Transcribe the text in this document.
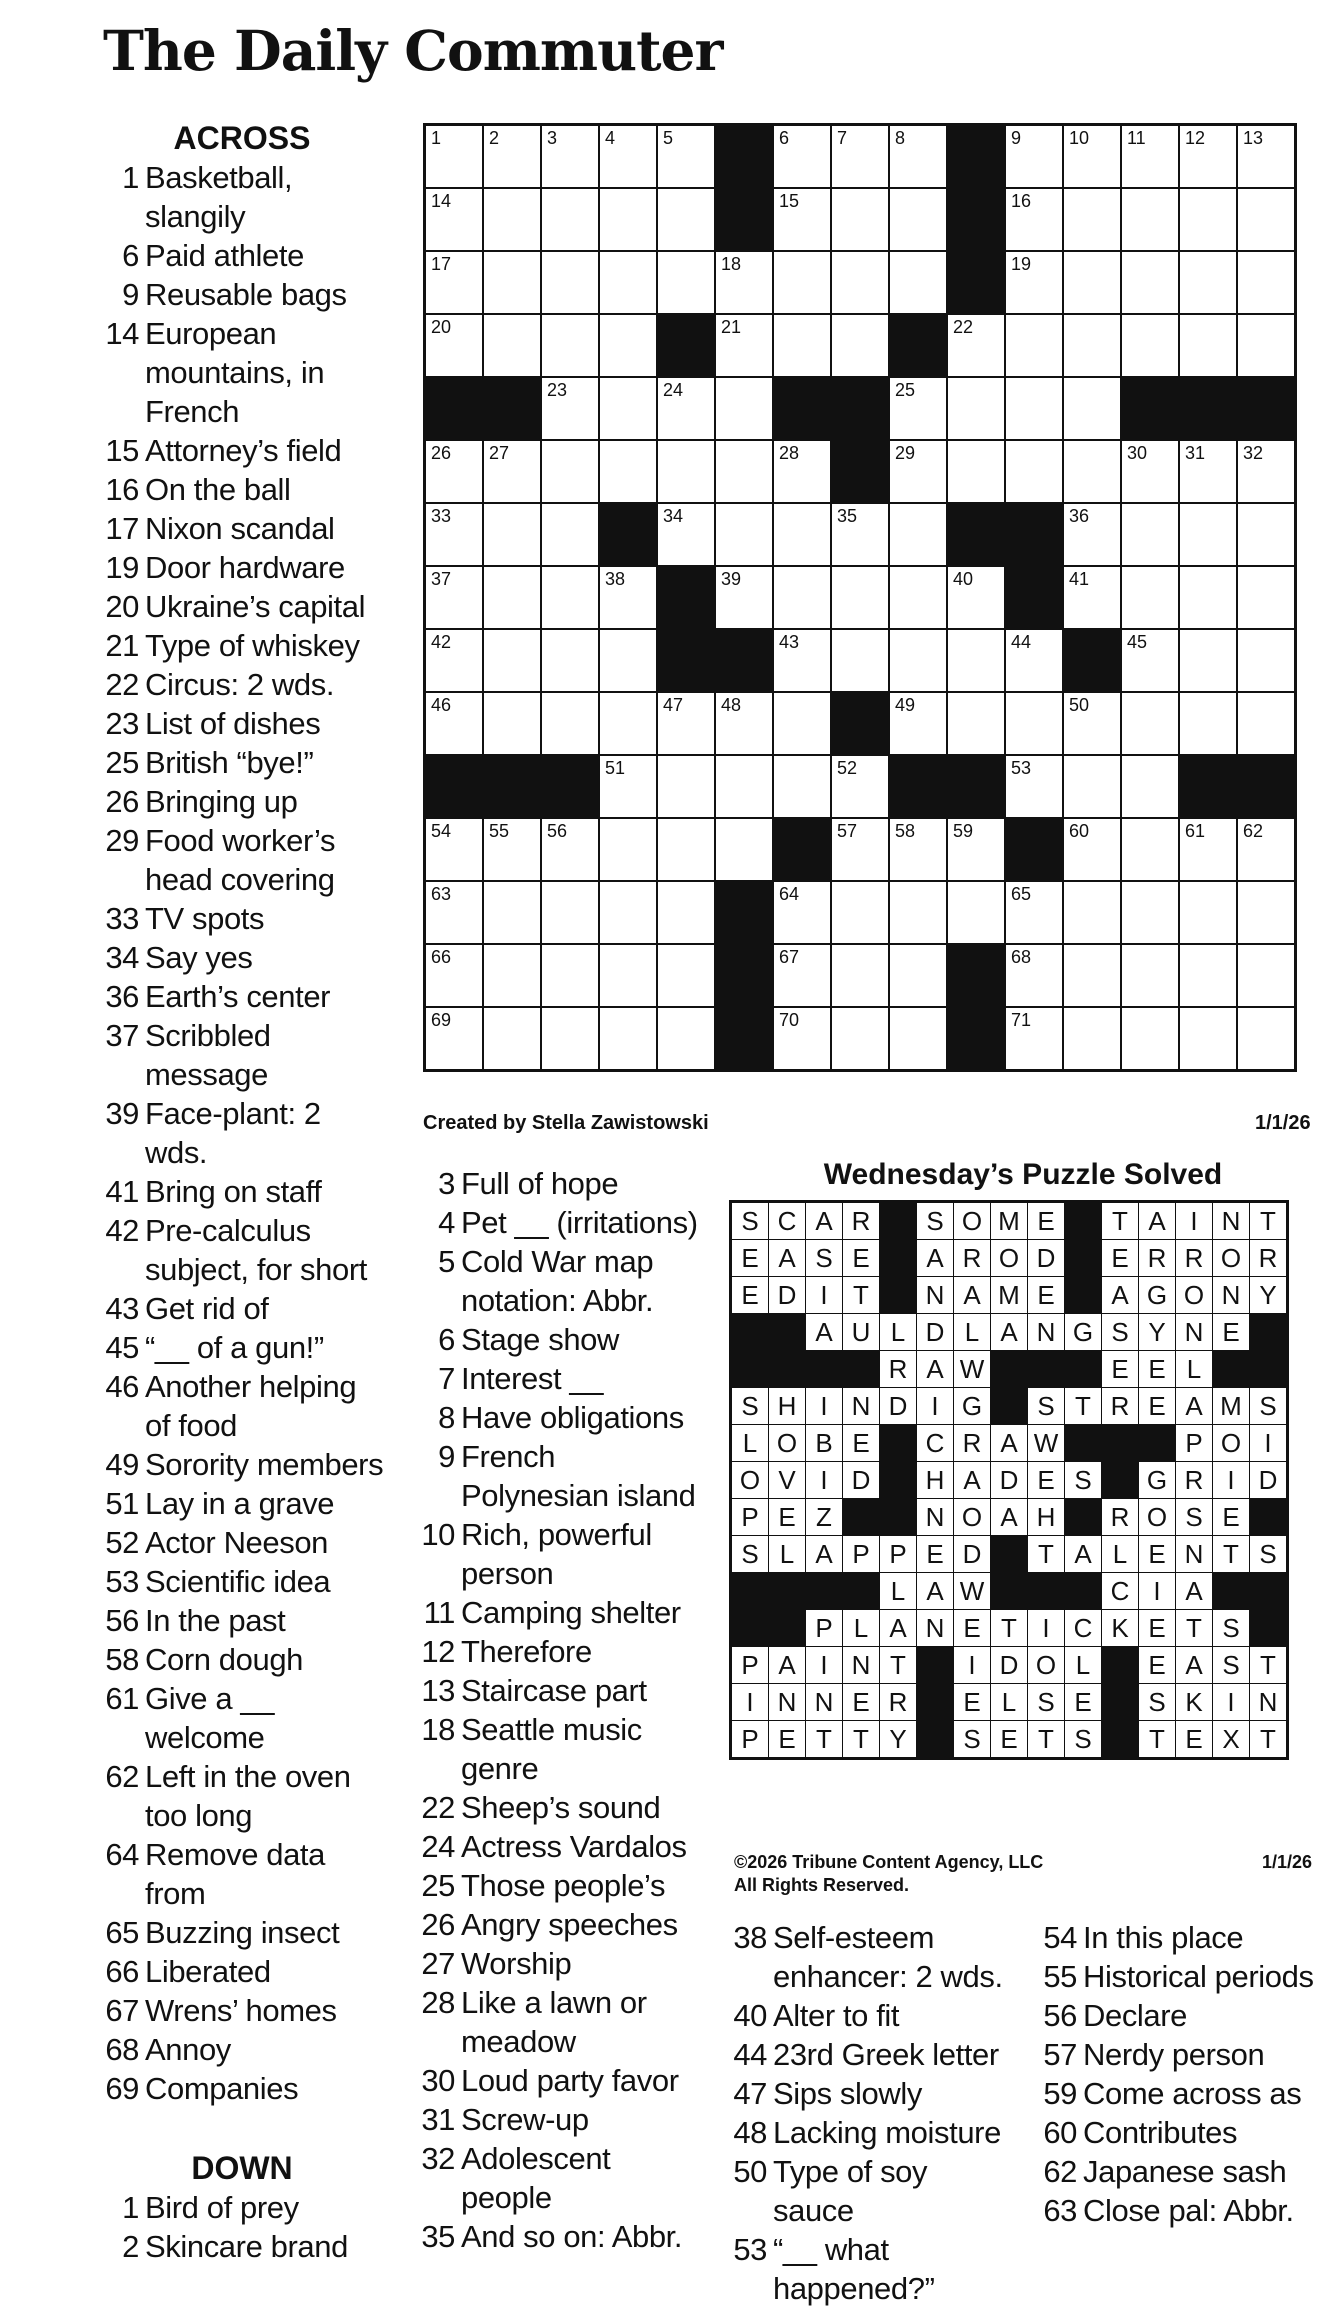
The Daily Commuter
ACROSS
1 Basketball, slangily
6 Paid athlete
9 Reusable bags
14 European mountains, in French
15 Attorney’s field
16 On the ball
17 Nixon scandal
19 Door hardware
20 Ukraine’s capital
21 Type of whiskey
22 Circus: 2 wds.
23 List of dishes
25 British “bye!”
26 Bringing up
29 Food worker’s head covering
33 TV spots
34 Say yes
36 Earth’s center
37 Scribbled message
39 Face-plant: 2 wds.
41 Bring on staff
42 Pre-calculus subject, for short
43 Get rid of
45 “__ of a gun!”
46 Another helping of food
49 Sorority members
51 Lay in a grave
52 Actor Neeson
53 Scientific idea
56 In the past
58 Corn dough
61 Give a __ welcome
62 Left in the oven too long
64 Remove data from
65 Buzzing insect
66 Liberated
67 Wrens’ homes
68 Annoy
69 Companies
DOWN
1 Bird of prey
2 Skincare brand
3 Full of hope
4 Pet __ (irritations)
5 Cold War map notation: Abbr.
6 Stage show
7 Interest __
8 Have obligations
9 French Polynesian island
10 Rich, powerful person
11 Camping shelter
12 Therefore
13 Staircase part
18 Seattle music genre
22 Sheep’s sound
24 Actress Vardalos
25 Those people’s
26 Angry speeches
27 Worship
28 Like a lawn or meadow
30 Loud party favor
31 Screw-up
32 Adolescent people
35 And so on: Abbr.
38 Self-esteem enhancer: 2 wds.
40 Alter to fit
44 23rd Greek letter
47 Sips slowly
48 Lacking moisture
50 Type of soy sauce
53 “__ what happened?”
54 In this place
55 Historical periods
56 Declare
57 Nerdy person
59 Come across as
60 Contributes
62 Japanese sash
63 Close pal: Abbr.
1	2	3	4	5		6	7	8		9	10	11	12	13

14						15				16				

17					18					19				

20					21				22					

		23		24				25						

26	27					28		29				30	31	32

33				34			35				36			

37			38		39				40		41			

42						43				44		45		

46				47	48			49			50			

			51				52			53				

54	55	56					57	58	59		60		61	62

63						64				65				

66						67				68				

69						70				71				

Created by Stella Zawistowski	1/1/26
Wednesday’s Puzzle Solved
S	C	A	R		S	O	M	E		T	A	I	N	T
E	A	S	E		A	R	O	D		E	R	R	O	R
E	D	I	T		N	A	M	E		A	G	O	N	Y
		A	U	L	D	L	A	N	G	S	Y	N	E	
				R	A	W				E	E	L		
S	H	I	N	D	I	G		S	T	R	E	A	M	S
L	O	B	E		C	R	A	W				P	O	I
O	V	I	D		H	A	D	E	S		G	R	I	D
P	E	Z			N	O	A	H		R	O	S	E	
S	L	A	P	P	E	D		T	A	L	E	N	T	S
				L	A	W				C	I	A		
		P	L	A	N	E	T	I	C	K	E	T	S	
P	A	I	N	T		I	D	O	L		E	A	S	T
I	N	N	E	R		E	L	S	E		S	K	I	N
P	E	T	T	Y		S	E	T	S		T	E	X	T
©2026 Tribune Content Agency, LLC
All Rights Reserved.
1/1/26
